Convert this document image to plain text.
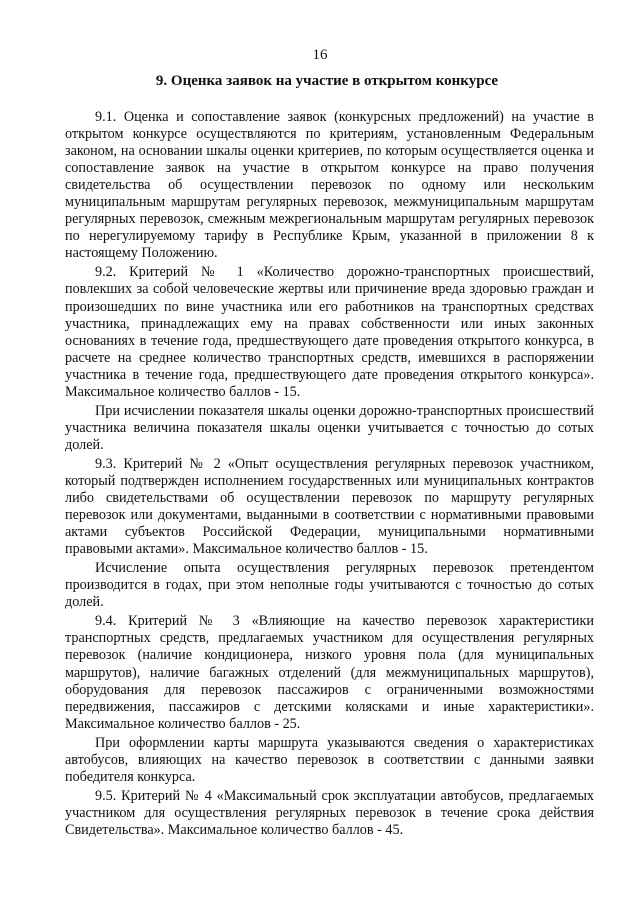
16
9. Оценка заявок на участие в открытом конкурсе

9.1. Оценка и сопоставление заявок (конкурсных предложений) на участие в открытом конкурсе осуществляются по критериям, установленным Федеральным законом, на основании шкалы оценки критериев, по которым осуществляется оценка и сопоставление заявок на участие в открытом конкурсе на право получения свидетельства об осуществлении перевозок по одному или нескольким муниципальным маршрутам регулярных перевозок, межмуниципальным маршрутам регулярных перевозок, смежным межрегиональным маршрутам регулярных перевозок по нерегулируемому тарифу в Республике Крым, указанной в приложении 8 к настоящему Положению.

9.2. Критерий № 1 «Количество дорожно-транспортных происшествий, повлекших за собой человеческие жертвы или причинение вреда здоровью граждан и произошедших по вине участника или его работников на транспортных средствах участника, принадлежащих ему на правах собственности или иных законных основаниях в течение года, предшествующего дате проведения открытого конкурса, в расчете на среднее количество транспортных средств, имевшихся в распоряжении участника в течение года, предшествующего дате проведения открытого конкурса». Максимальное количество баллов - 15.

При исчислении показателя шкалы оценки дорожно-транспортных происшествий участника величина показателя шкалы оценки учитывается с точностью до сотых долей.

9.3. Критерий № 2 «Опыт осуществления регулярных перевозок участником, который подтвержден исполнением государственных или муниципальных контрактов либо свидетельствами об осуществлении перевозок по маршруту регулярных перевозок или документами, выданными в соответствии с нормативными правовыми актами субъектов Российской Федерации, муниципальными нормативными правовыми актами». Максимальное количество баллов - 15.

Исчисление опыта осуществления регулярных перевозок претендентом производится в годах, при этом неполные годы учитываются с точностью до сотых долей.

9.4. Критерий № 3 «Влияющие на качество перевозок характеристики транспортных средств, предлагаемых участником для осуществления регулярных перевозок (наличие кондиционера, низкого уровня пола (для муниципальных маршрутов), наличие багажных отделений (для межмуниципальных маршрутов), оборудования для перевозок пассажиров с ограниченными возможностями передвижения, пассажиров с детскими колясками и иные характеристики». Максимальное количество баллов - 25.

При оформлении карты маршрута указываются сведения о характеристиках автобусов, влияющих на качество перевозок в соответствии с данными заявки победителя конкурса.

9.5. Критерий № 4 «Максимальный срок эксплуатации автобусов, предлагаемых участником для осуществления регулярных перевозок в течение срока действия Свидетельства». Максимальное количество баллов - 45.
